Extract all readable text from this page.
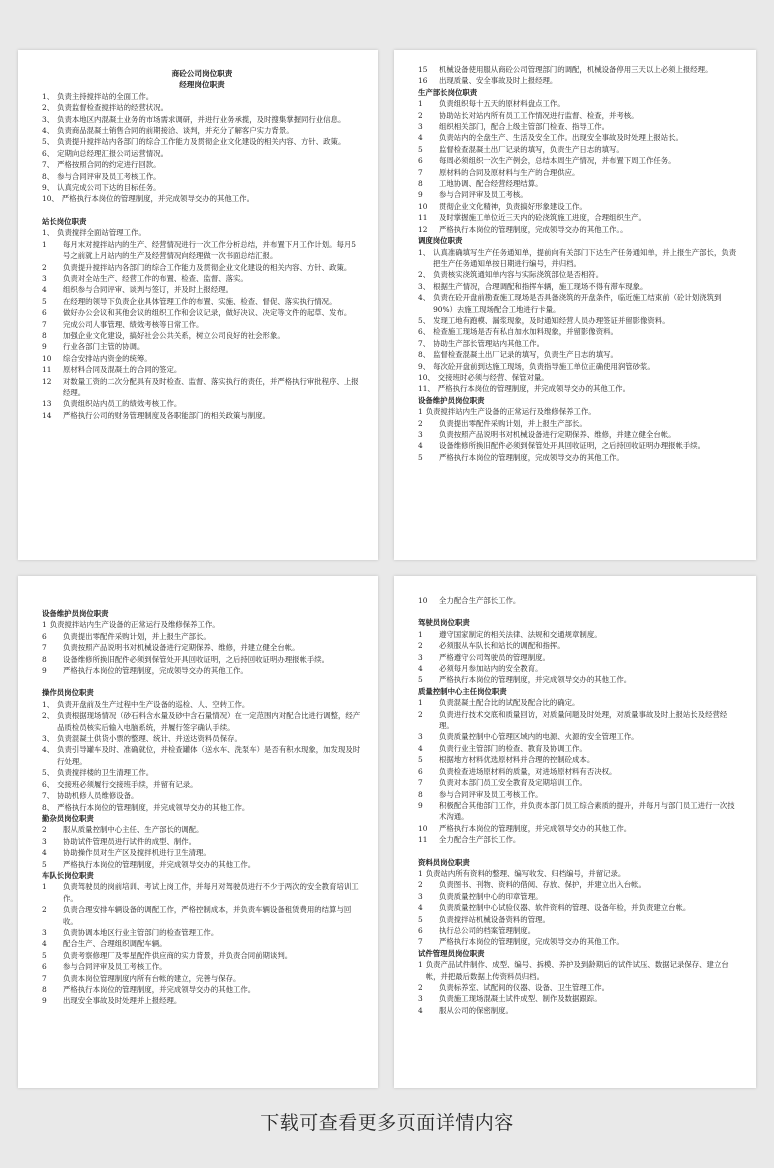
商砼公司岗位职责
经理岗位职责
1、 负责主持搅拌站的全面工作。
2、 负责监督检查搅拌站的经营状况。
3、 负责本地区内混凝土业务的市场需求调研，并进行业务承揽，及时搜集掌握同行业信息。
4、 负责商品混凝土销售合同的前期接洽、谈判，并充分了解客户实力背景。
5、 负责提升搅拌站内各部门的综合工作能力及贯彻企业文化建设的相关内容、方针、政策。
6、 定期向总经理汇报公司运营情况。
7、 严格按照合同的约定进行回款。
8、 参与合同评审及员工考核工作。
9、 认真完成公司下达的目标任务。
10、 严格执行本岗位的管理制度，并完成领导交办的其他工作。
站长岗位职责
1、 负责搅拌全面站管理工作。
1	每月末对搅拌站内的生产、经营情况进行一次工作分析总结，并布置下月工作计划。每月5号之前就上月站内的生产及经营情况向经理做一次书面总结汇报。
2	负责提升搅拌站内各部门的综合工作能力及贯彻企业文化建设的相关内容、方针、政策。
3	负责对全站生产、经营工作的布置、检查、监督、落实。
4	组织参与合同评审、谈判与签订，并及时上报经理。
5	在经理的领导下负责企业具体管理工作的布置、实施、检查、督促、落实执行情况。
6	做好办公会议和其他会议的组织工作和会议记录，做好决议、决定等文件的起草、发布。
7	完成公司人事管理、绩效考核等日常工作。
8	加强企业文化建设，搞好社会公共关系，树立公司良好的社会形象。
9	行业各部门主管的协调。
10	综合安排站内资金的统筹。
11	原材料合同及混凝土的合同的签定。
12	对数量工资的二次分配具有及时检查、监督、落实执行的责任，并严格执行审批程序、上报经理。
13	负责组织站内员工的绩效考核工作。
14	严格执行公司的财务管理制度及各职能部门的相关政策与制度。
15	机械设备使用服从商砼公司管理部门的调配，机械设备停用三天以上必须上报经理。
16	出现质量、安全事故及时上报经理。
生产部长岗位职责
1	负责组织每十五天的原材料盘点工作。
2	协助站长对站内所有员工工作情况进行监督、检查，并考核。
3	组织相关部门，配合上级主管部门检查、指导工作。
4	负责站内的全盘生产、生活及安全工作。出现安全事故及时处理上报站长。
5	监督检查混凝土出厂记录的填写，负责生产日志的填写。
6	每周必须组织一次生产例会，总结本周生产情况，并布置下周工作任务。
7	原材料的合同及原材料与生产的合理供应。
8	工地协调、配合经营经理结算。
9	参与合同评审及员工考核。
10	贯彻企业文化精神，负责搞好形象建设工作。
11	及时掌握施工单位近三天内的砼浇筑施工进度，合理组织生产。
12	严格执行本岗位的管理制度，完成领导交办的其他工作。。
调度岗位职责
1、 认真准确填写生产任务通知单，提前向有关部门下达生产任务通知单，并上报生产部长，负责把生产任务通知单按日期进行编号，并归档。
2、 负责核实浇筑通知单内容与实际浇筑部位是否相符。
3、 根据生产情况，合理调配和指挥车辆，施工现场不得有滞车现象。
4、 负责在砼开盘前勘查施工现场是否具备浇筑的开盘条件，临近施工结束前（砼计划浇筑到90%）去施工现场配合工地进行卡量。
5、 发现工地有跑模、漏浆现象，及时通知经营人员办理签证并留影像资料。
6、 检查施工现场是否有私自加水加料现象，并留影像资料。
7、 协助生产部长管理站内其他工作。
8、 监督检查混凝土出厂记录的填写，负责生产日志的填写。
9、 每次砼开盘前到达施工现场，负责指导施工单位正确使用润管砂浆。
10、 交接班时必须与经营、保管对量。
11、 严格执行本岗位的管理制度，并完成领导交办的其他工作。
设备维护员岗位职责
1 负责搅拌站内生产设备的正常运行及维修保养工作。
2	负责提出零配件采购计划，并上报生产部长。
3	负责按照产品说明书对机械设备进行定期保养、维修，并建立健全台帐。
4	设备维修所换旧配件必须到保管处开具回收证明，之后持回收证明办理报帐手续。
5	严格执行本岗位的管理制度，完成领导交办的其他工作。
设备维护员岗位职责
1 负责搅拌站内生产设备的正常运行及维修保养工作。
6	负责提出零配件采购计划，并上报生产部长。
7	负责按照产品说明书对机械设备进行定期保养、维修，并建立健全台帐。
8	设备维修所换旧配件必须到保管处开具回收证明，之后持回收证明办理报帐手续。
9	严格执行本岗位的管理制度，完成领导交办的其他工作。
操作员岗位职责
1、 负责开盘前及生产过程中生产设备的巡检、人、空转工作。
2、 负责根据现场情况（砂石料含水量及砂中含石量情况）在一定范围内对配合比进行调整，经产品质检员核实后输入电脑系统，并履行签字确认手续。
3、 负责混凝土供货小票的整理、统计、并送达资料员保存。
4、 负责引导罐车及时、准确就位，并检查罐体（送水车、洗泵车）是否有积水现象，加发现及时行处理。
5、 负责搅拌楼的卫生清理工作。
6、 交接班必须履行交接班手续，并留有记录。
7、 协助机修人员维修设备。
8、 严格执行本岗位的管理制度，并完成领导交办的其他工作。
勤杂员岗位职责
2	服从质量控制中心主任、生产部长的调配。
3	协助试件管理员进行试件的成型、制作。
4	协助操作员对生产区及搅拌机进行卫生清理。
5	严格执行本岗位的管理制度，并完成领导交办的其他工作。
车队长岗位职责
1	负责驾驶员的岗前培训、考试上岗工作，并每月对驾驶员进行不少于两次的安全教育培训工作。
2	负责合理安排车辆设备的调配工作，严格控制成本，并负责车辆设备租赁费用的结算与回收。
3	负责协调本地区行业主管部门的检查管理工作。
4	配合生产、合理组织调配车辆。
5	负责考察修理厂及零星配件供应商的实力背景，并负责合同前期谈判。
6	参与合同评审及员工考核工作。
7	负责本岗位管理制度内所有台帐的建立，完善与保存。
8	严格执行本岗位的管理制度，并完成领导交办的其他工作。
9	出现安全事故及时处理并上报经理。
10	全力配合生产部长工作。
驾驶员岗位职责
1	遵守国家制定的相关法律、法规和交通规章制度。
2	必须服从车队长和站长的调配和指挥。
3	严格遵守公司驾驶员的管理制度。
4	必须每月参加站内的安全教育。
5	严格执行本岗位的管理制度，并完成领导交办的其他工作。
质量控制中心主任岗位职责
1	负责混凝土配合比的试配及配合比的确定。
2	负责进行技术交底和质量回访，对质量问题及时处理，对质量事故及时上报站长及经营经理。
3	负责质量控制中心管理区域内的电源、火源的安全管理工作。
4	负责行业主管部门的检查、教育及协调工作。
5	根据地方材料优选原材料并合理的控制砼成本。
6	负责检查进场原材料的质量，对进场原材料有否决权。
7	负责对本部门员工安全教育及定期培训工作。
8	参与合同评审及员工考核工作。
9	积极配合其他部门工作，并负责本部门员工综合素质的提升，并每月与部门员工进行一次技术沟通。
10	严格执行本岗位的管理制度，并完成领导交办的其他工作。
11	全力配合生产部长工作。
资料员岗位职责
1 负责站内所有资料的整理、编写收发、归档编号，并留记录。
2	负责图书、刊物、资料的借阅、存放、保护，并建立出入台帐。
3	负责质量控制中心的印章管理。
4	负责质量控制中心试验仪器、软件资料的管理、设备年检，并负责建立台帐。
5	负责搅拌站机械设备资料的管理。
6	执行总公司的档案管理制度。
7	严格执行本岗位的管理制度，完成领导交办的其他工作。
试件管理员岗位职责
1 负责产品试件制作、成型、编号、拆模、养护及到龄期后的试件试压、数据记录保存、建立台帐，并把最后数据上传资料员归档。
2	负责标养室、试配间的仪器、设备、卫生管理工作。
3	负责施工现场混凝土试件成型、制作及数据跟踪。
4	服从公司的保密制度。
下载可查看更多页面详情内容
